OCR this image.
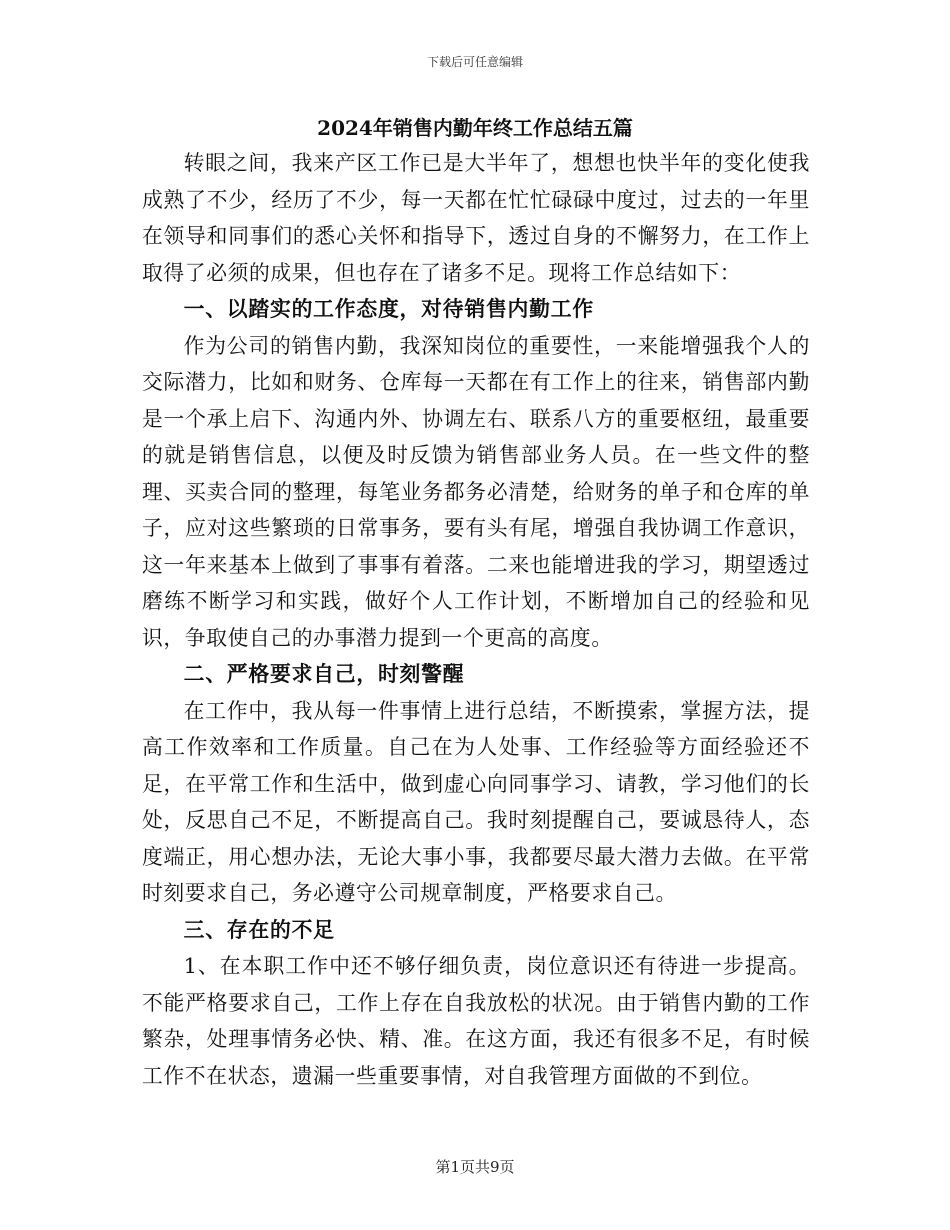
下载后可任意编辑
2024年销售内勤年终工作总结五篇

转眼之间，我来产区工作已是大半年了，想想也快半年的变化使我成熟了不少，经历了不少，每一天都在忙忙碌碌中度过，过去的一年里在领导和同事们的悉心关怀和指导下，透过自身的不懈努力，在工作上取得了必须的成果，但也存在了诸多不足。现将工作总结如下：

一、以踏实的工作态度，对待销售内勤工作

作为公司的销售内勤，我深知岗位的重要性，一来能增强我个人的交际潜力，比如和财务、仓库每一天都在有工作上的往来，销售部内勤是一个承上启下、沟通内外、协调左右、联系八方的重要枢纽，最重要的就是销售信息，以便及时反馈为销售部业务人员。在一些文件的整理、买卖合同的整理，每笔业务都务必清楚，给财务的单子和仓库的单子，应对这些繁琐的日常事务，要有头有尾，增强自我协调工作意识，这一年来基本上做到了事事有着落。二来也能增进我的学习，期望透过磨练不断学习和实践，做好个人工作计划，不断增加自己的经验和见识，争取使自己的办事潜力提到一个更高的高度。

二、严格要求自己，时刻警醒

在工作中，我从每一件事情上进行总结，不断摸索，掌握方法，提高工作效率和工作质量。自己在为人处事、工作经验等方面经验还不足，在平常工作和生活中，做到虚心向同事学习、请教，学习他们的长处，反思自己不足，不断提高自己。我时刻提醒自己，要诚恳待人，态度端正，用心想办法，无论大事小事，我都要尽最大潜力去做。在平常时刻要求自己，务必遵守公司规章制度，严格要求自己。

三、存在的不足

1、在本职工作中还不够仔细负责，岗位意识还有待进一步提高。不能严格要求自己，工作上存在自我放松的状况。由于销售内勤的工作繁杂，处理事情务必快、精、准。在这方面，我还有很多不足，有时候工作不在状态，遗漏一些重要事情，对自我管理方面做的不到位。

第1页共9页
